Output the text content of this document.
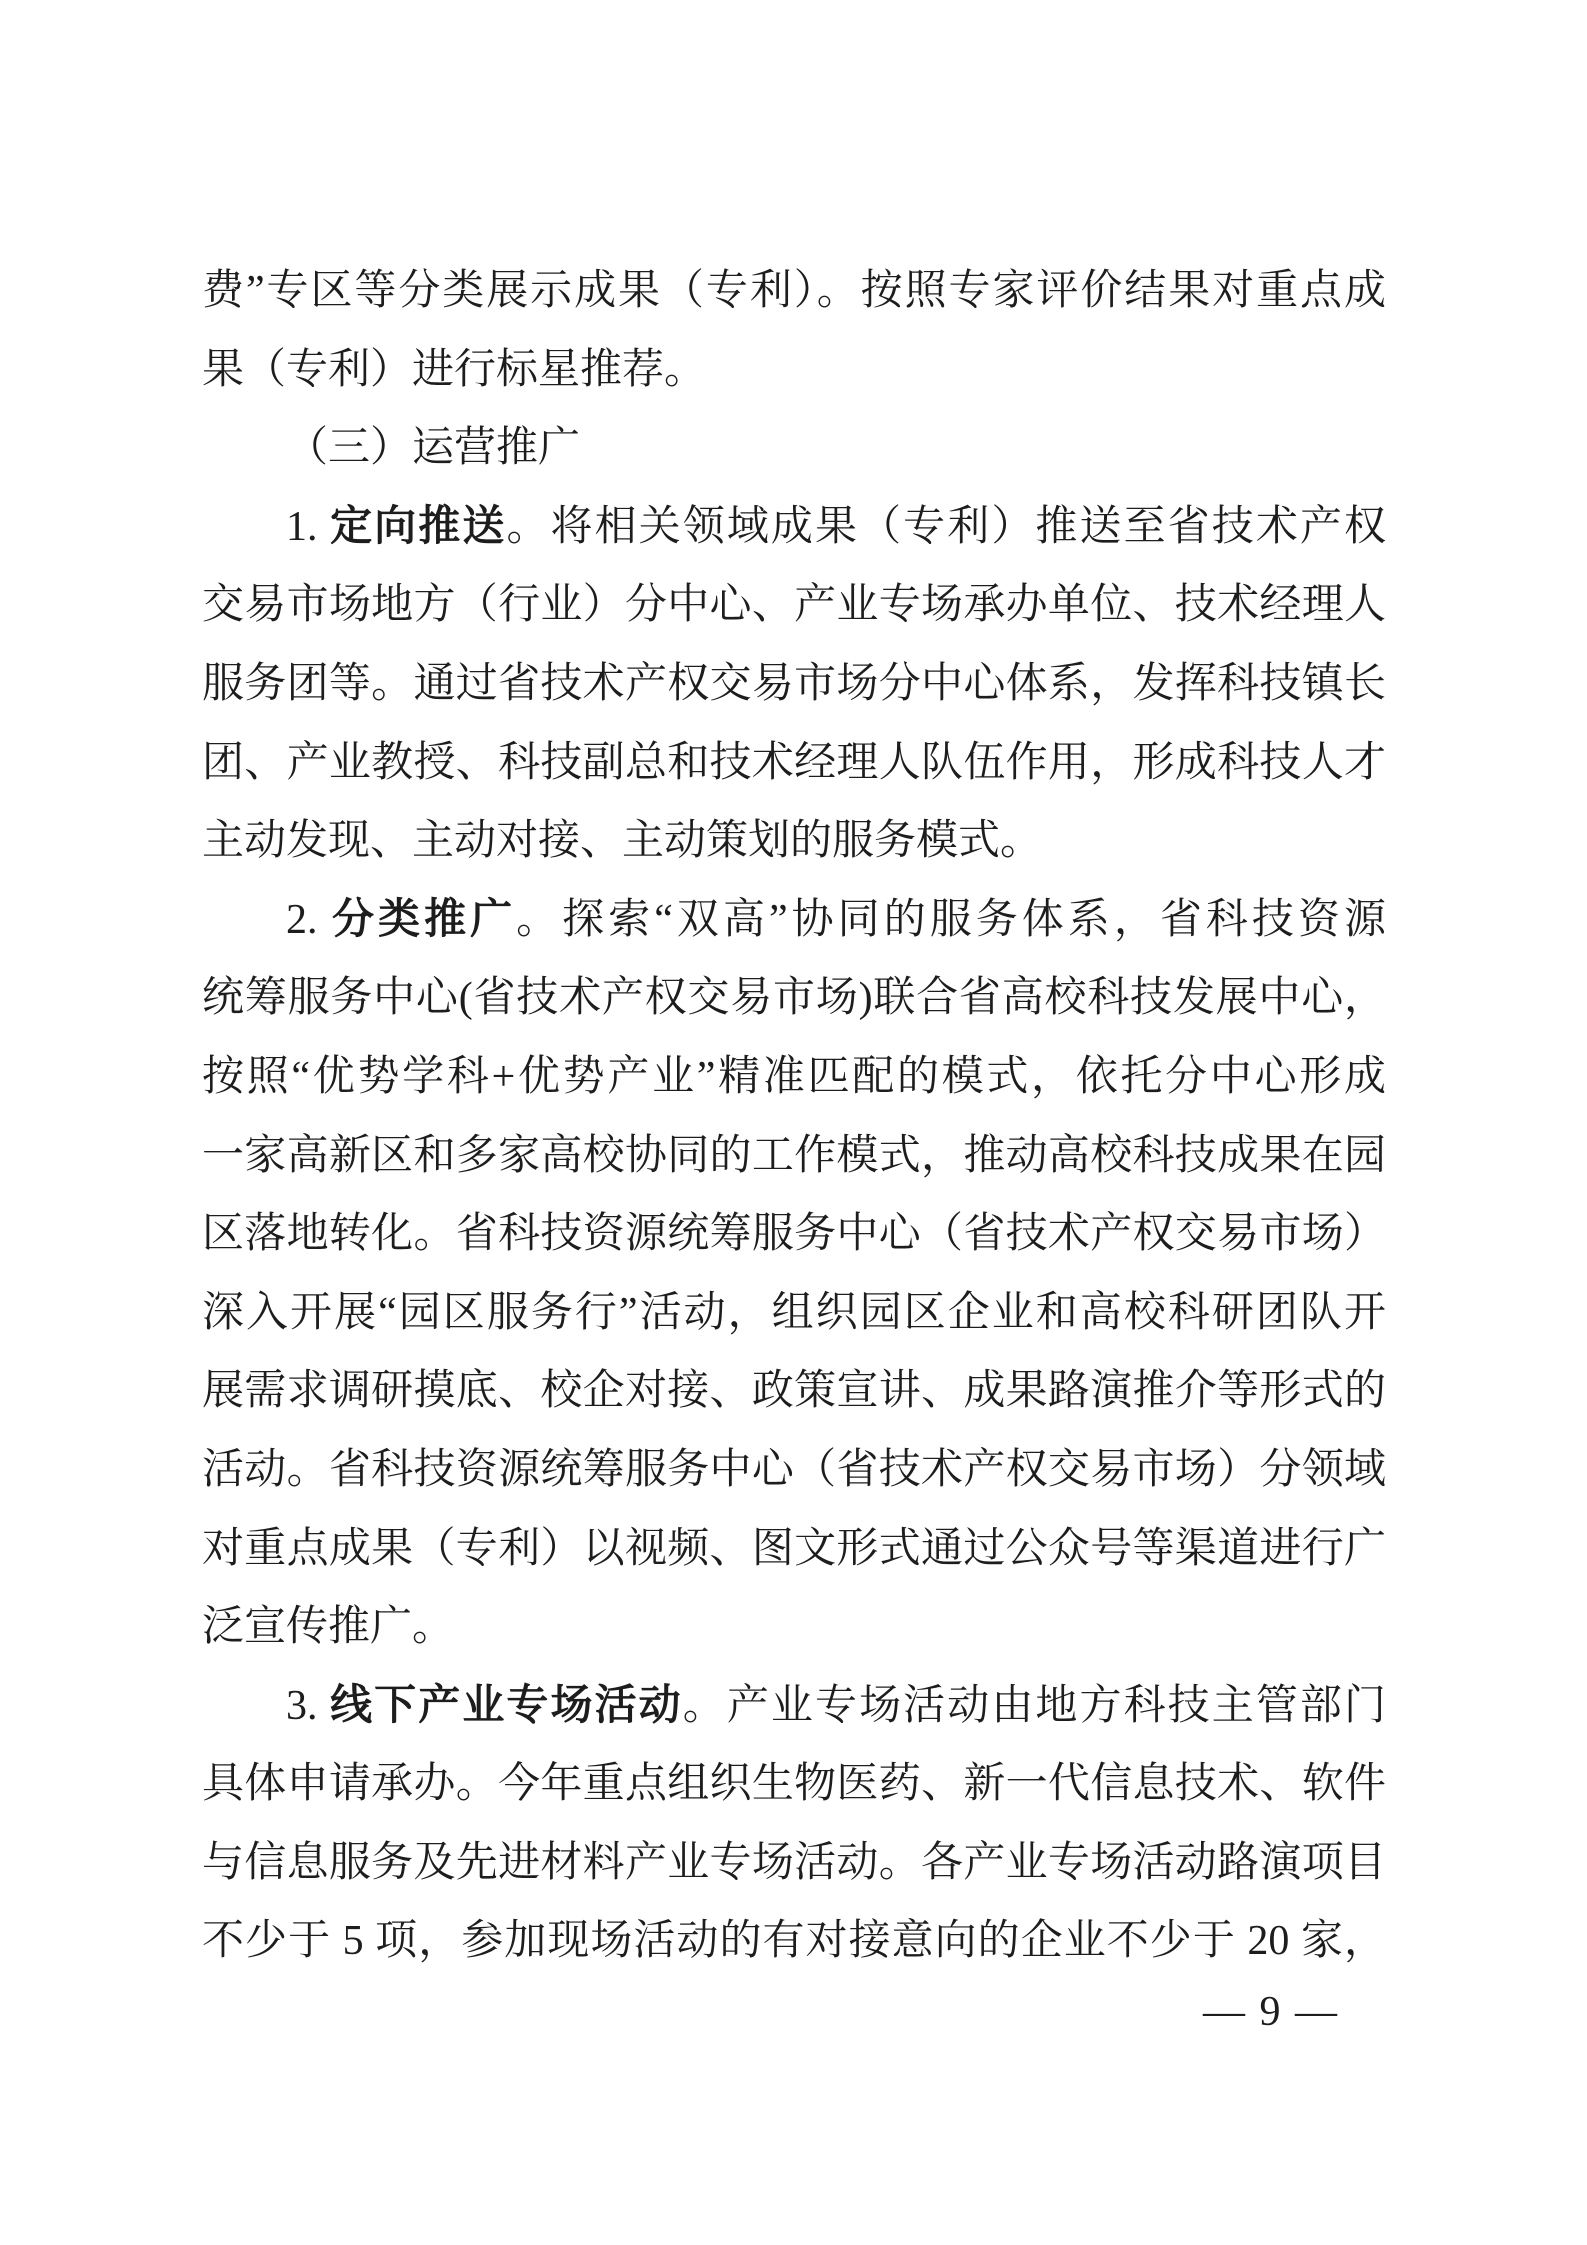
费”专区等分类展示成果（专利）。按照专家评价结果对重点成
果（专利）进行标星推荐。
（三）运营推广
1. 定向推送。将相关领域成果（专利）推送至省技术产权
交易市场地方（行业）分中心、产业专场承办单位、技术经理人
服务团等。通过省技术产权交易市场分中心体系，发挥科技镇长
团、产业教授、科技副总和技术经理人队伍作用，形成科技人才
主动发现、主动对接、主动策划的服务模式。
2. 分类推广。探索“双高”协同的服务体系，省科技资源
统筹服务中心(省技术产权交易市场)联合省高校科技发展中心，
按照“优势学科+优势产业”精准匹配的模式，依托分中心形成
一家高新区和多家高校协同的工作模式，推动高校科技成果在园
区落地转化。省科技资源统筹服务中心（省技术产权交易市场）
深入开展“园区服务行”活动，组织园区企业和高校科研团队开
展需求调研摸底、校企对接、政策宣讲、成果路演推介等形式的
活动。省科技资源统筹服务中心（省技术产权交易市场）分领域
对重点成果（专利）以视频、图文形式通过公众号等渠道进行广
泛宣传推广。
3. 线下产业专场活动。产业专场活动由地方科技主管部门
具体申请承办。今年重点组织生物医药、新一代信息技术、软件
与信息服务及先进材料产业专场活动。各产业专场活动路演项目
不少于 5 项，参加现场活动的有对接意向的企业不少于 20 家，
— 9 —
